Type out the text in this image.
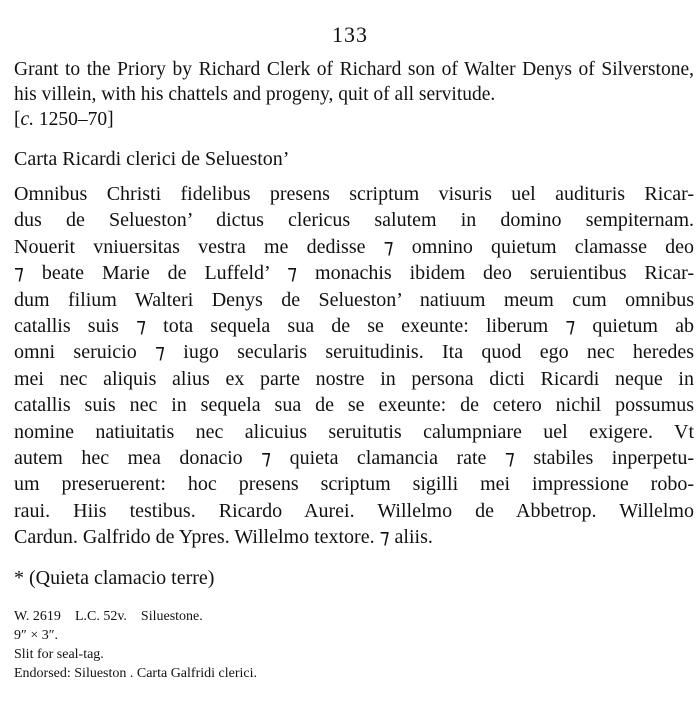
133
Grant to the Priory by Richard Clerk of Richard son of Walter Denys of Silverstone, his villein, with his chattels and progeny, quit of all servitude.
[c. 1250–70]
Carta Ricardi clerici de Selueston’
Omnibus Christi fidelibus presens scriptum visuris uel audituris Ricar-
dus de Selueston’ dictus clericus salutem in domino sempiternam.
Nouerit vniuersitas vestra me dedisse ⁊ omnino quietum clamasse deo
⁊ beate Marie de Luffeld’ ⁊ monachis ibidem deo seruientibus Ricar-
dum filium Walteri Denys de Selueston’ natiuum meum cum omnibus
catallis suis ⁊ tota sequela sua de se exeunte: liberum ⁊ quietum ab
omni seruicio ⁊ iugo secularis seruitudinis. Ita quod ego nec heredes
mei nec aliquis alius ex parte nostre in persona dicti Ricardi neque in
catallis suis nec in sequela sua de se exeunte: de cetero nichil possumus
nomine natiuitatis nec alicuius seruitutis calumpniare uel exigere. Vt
autem hec mea donacio ⁊ quieta clamancia rate ⁊ stabiles inperpetu-
um preseruerent: hoc presens scriptum sigilli mei impressione robo-
raui. Hiis testibus. Ricardo Aurei. Willelmo de Abbetrop. Willelmo
Cardun. Galfrido de Ypres. Willelmo textore. ⁊ aliis.
* (Quieta clamacio terre)
W. 2619 L.C. 52v. Siluestone.
9″ × 3″.
Slit for seal-tag.
Endorsed: Silueston . Carta Galfridi clerici.
